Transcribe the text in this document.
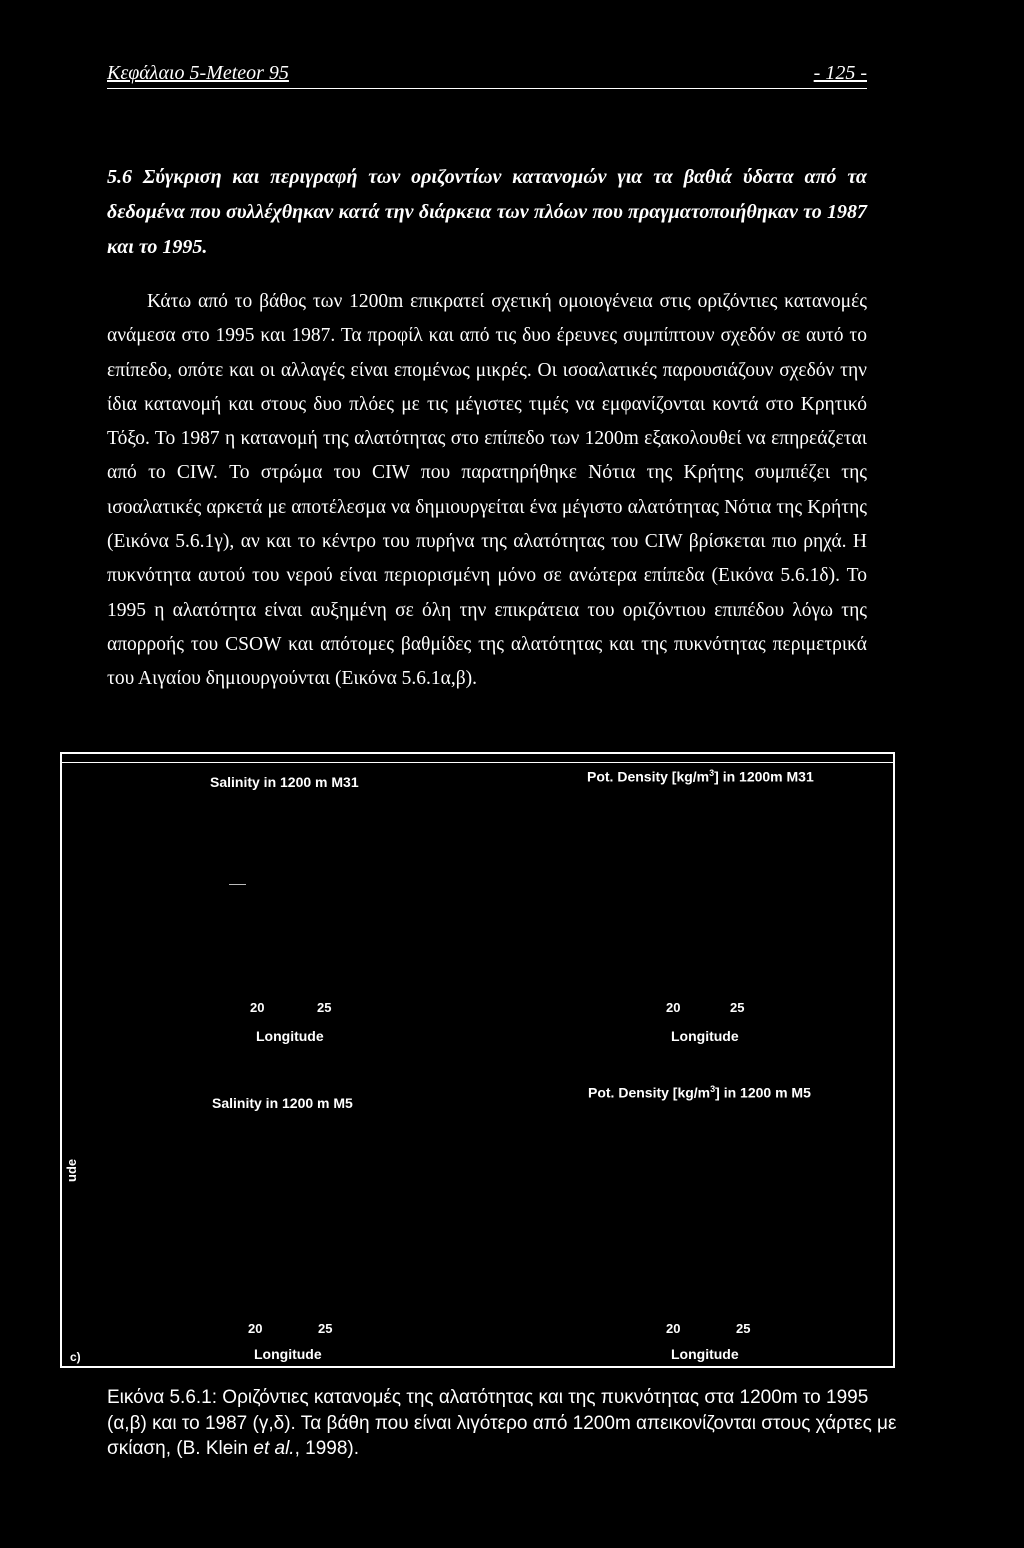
Κεφάλαιο 5-Meteor 95	- 125 -
5.6 Σύγκριση και περιγραφή των οριζοντίων κατανομών για τα βαθιά ύδατα από τα δεδομένα που συλλέχθηκαν κατά την διάρκεια των πλόων που πραγματοποιήθηκαν το 1987 και το 1995.

Κάτω από το βάθος των 1200m επικρατεί σχετική ομοιογένεια στις οριζόντιες κατανομές ανάμεσα στο 1995 και 1987. Τα προφίλ και από τις δυο έρευνες συμπίπτουν σχεδόν σε αυτό το επίπεδο, οπότε και οι αλλαγές είναι επομένως μικρές. Οι ισοαλατικές παρουσιάζουν σχεδόν την ίδια κατανομή και στους δυο πλόες με τις μέγιστες τιμές να εμφανίζονται κοντά στο Κρητικό Τόξο. Το 1987 η κατανομή της αλατότητας στο επίπεδο των 1200m εξακολουθεί να επηρεάζεται από το CIW. Το στρώμα του CIW που παρατηρήθηκε Νότια της Κρήτης συμπιέζει της ισοαλατικές αρκετά με αποτέλεσμα να δημιουργείται ένα μέγιστο αλατότητας Νότια της Κρήτης (Εικόνα 5.6.1γ), αν και το κέντρο του πυρήνα της αλατότητας του CIW βρίσκεται πιο ρηχά. Η πυκνότητα αυτού του νερού είναι περιορισμένη μόνο σε ανώτερα επίπεδα (Εικόνα 5.6.1δ). Το 1995 η αλατότητα είναι αυξημένη σε όλη την επικράτεια του οριζόντιου επιπέδου λόγω της απορροής του CSOW και απότομες βαθμίδες της αλατότητας και της πυκνότητας περιμετρικά του Αιγαίου δημιουργούνται (Εικόνα 5.6.1α,β).

Salinity in 1200 m M31
20	25
Longitude
Pot. Density $[kg/m^3]$ in 1200m M31
20	25
Longitude
Salinity in 1200 m M5
ude
20	25
c)	Longitude
Pot. Density $[kg/m^3]$ in 1200 m M5
20	25
Longitude

Εικόνα 5.6.1: Οριζόντιες κατανομές της αλατότητας και της πυκνότητας στα 1200m το 1995 (α,β) και το 1987 (γ,δ). Τα βάθη που είναι λιγότερο από 1200m απεικονίζονται στους χάρτες με σκίαση, (B. Klein et al., 1998).
